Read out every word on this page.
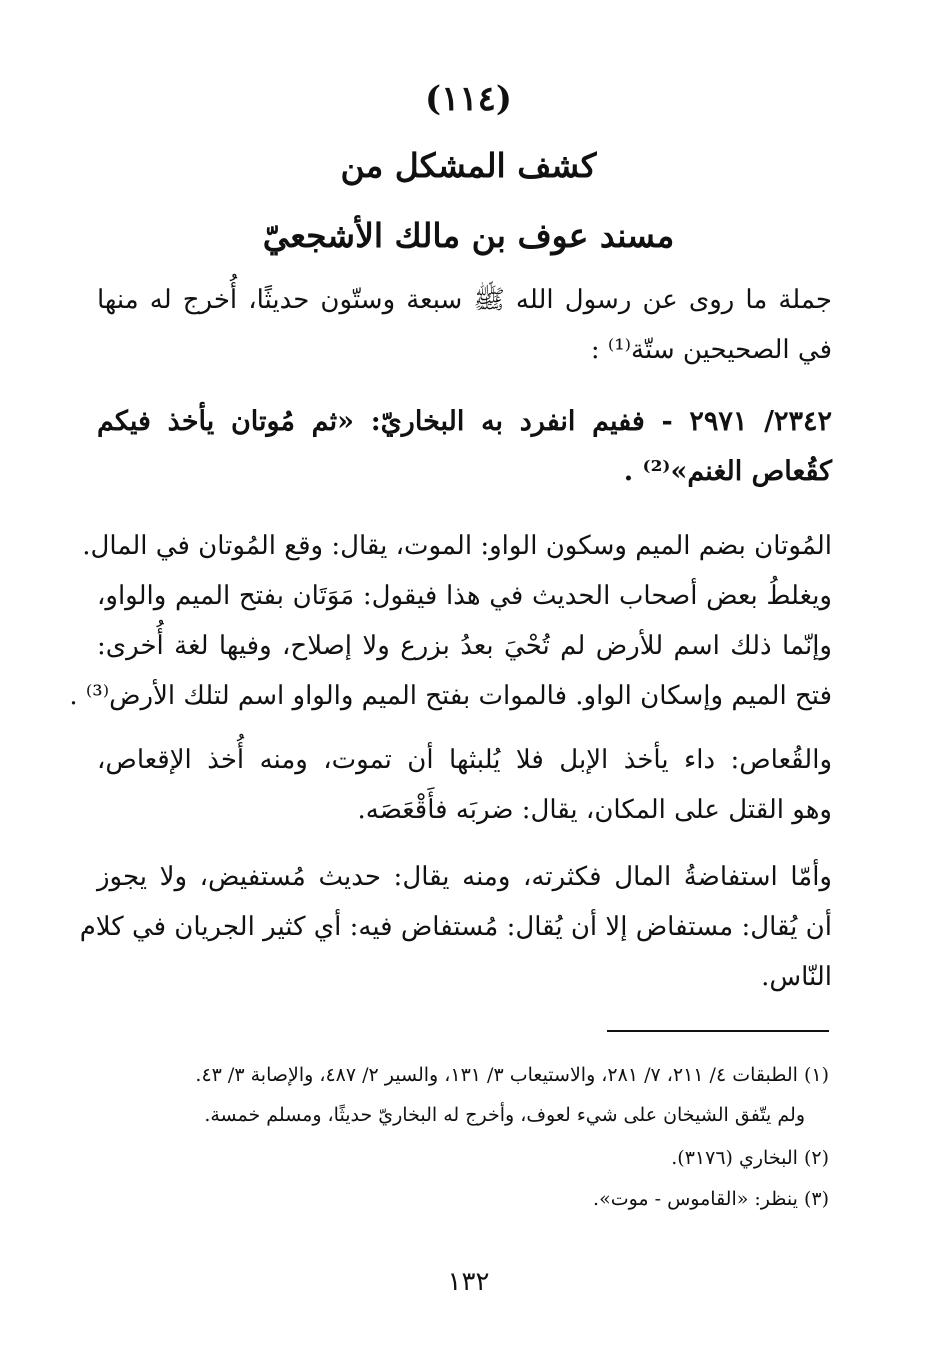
(١١٤)
كشف المشكل من
مسند عوف بن مالك الأشجعيّ
جملة ما روى عن رسول الله ﷺ سبعة وستّون حديثًا، أُخرج له منها
في الصحيحين ستّة⁽¹⁾ :
٢٣٤٢/ ٢٩٧١ - ففيم انفرد به البخاريّ: «ثم مُوتان يأخذ فيكم
كقُعاص الغنم»⁽²⁾ .
المُوتان بضم الميم وسكون الواو: الموت، يقال: وقع المُوتان في المال.
ويغلطُ بعض أصحاب الحديث في هذا فيقول: مَوَتَان بفتح الميم والواو،
وإنّما ذلك اسم للأرض لم تُحْيَ بعدُ بزرع ولا إصلاح، وفيها لغة أُخرى:
فتح الميم وإسكان الواو. فالموات بفتح الميم والواو اسم لتلك الأرض⁽³⁾ .
والقُعاص: داء يأخذ الإبل فلا يُلبثها أن تموت، ومنه أُخذ الإقعاص،
وهو القتل على المكان، يقال: ضربَه فأَقْعَصَه.
وأمّا استفاضةُ المال فكثرته، ومنه يقال: حديث مُستفيض، ولا يجوز
أن يُقال: مستفاض إلا أن يُقال: مُستفاض فيه: أي كثير الجريان في كلام
النّاس.
(١) الطبقات ٤/ ٢١١، ٧/ ٢٨١، والاستيعاب ٣/ ١٣١، والسير ٢/ ٤٨٧، والإصابة ٣/ ٤٣.
ولم يتّفق الشيخان على شيء لعوف، وأخرج له البخاريّ حديثًا، ومسلم خمسة.
(٢) البخاري (٣١٧٦).
(٣) ينظر: «القاموس - موت».
١٣٢
